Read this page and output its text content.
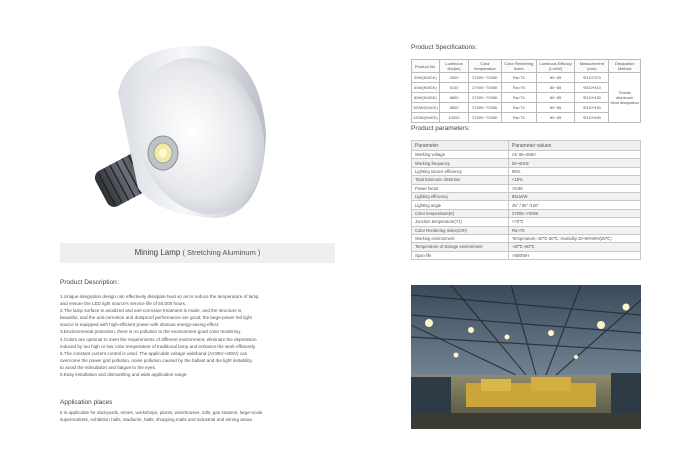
Mining Lamp ( Stretching Aluminum )
Product Description：
1.Unique integration design can effectively dissipate heat so as to reduce the temperature of lamp
and ensure the LED light source's service life of 50,000 hours.
2.The lamp surface is anodized and anti-corrosive treatment is made, and the structure is
beautiful, and the anti-corrosion and dustproof performance are good; the large-power led light
source is equipped with high-efficient power with obvious energy-saving effect.
3.Environmental protection, there is no pollution to the environment good color rendering.
4.Colors are optional to meet the requirements of different environment, eliminate the depression
induced by too high or low color temperature of traditional lamp and enhance the work efficiently.
5.The constant current control is used. The applicable voltage wideband (AC85V~265V) can
overcome the power grid pollution, noise pollution caused by the ballast and the light instability,
to avoid the stimulation and fatigue to the eyes.
6.Easy installation and dismantling and wide application range.
Application places
It is applicable for dockyards, mines, workshops, plants, warehouses, tolls, gas stations, large-scale
supermarkets, exhibition halls, stadiums, halls, shopping malls and industrial and mining areas.
Product Specifications:
Product No.	Luminous flux(lm)	Color temperature	Color Rendering Index	Luminous Efficacy (Lm/W)	Measurement (mm)	Dissipation Method
30W(KMGK)	2500	2700K~7000K	Ra>75	80~85	Φ310*370	Tensile aluminum
Heat dissipation

60W(KMGK)	5100	2700K~7000K	Ra>75	80~85	Φ310*410	
80W(KMGK)	6800	2700K~7000K	Ra>75	80~85	Φ310*430	
100W(KMGK)	8500	2700K~7000K	Ra>75	80~85	Φ310*450	
120W(KMGK)	10200	2700K~7000K	Ra>75	80~85	Φ310*480	
Product parameters:
Parameter	Parameter values
Working voltage	AC 85~265V
Working frequency	50~60Hz
Lighting source efficiency	85%
Total harmonic distortion	<15%
Power factor	>0.95
Lighting efficiency	85LM/W
Lighting angle	45° / 90° /120°
Color temperature(K)	2700K~7000K
Junction temperature(TJ)	<70℃
Color Rendering Index(CRI)	Ra>75
Working environment	Temperature:-30℃-50℃, Humidity:10~90%RH(25℃)
Temperature of storage environment	-40℃~80℃
Span life	>50000H
